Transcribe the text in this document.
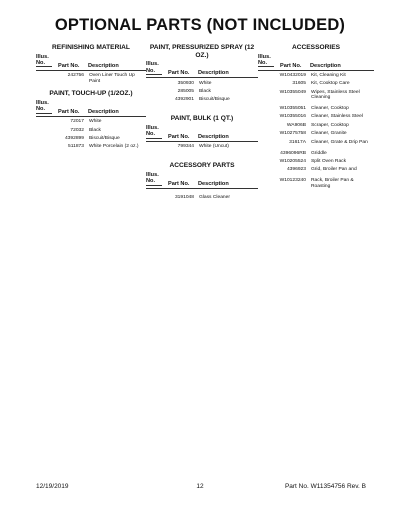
OPTIONAL PARTS (NOT INCLUDED)
REFINISHING MATERIAL
Illus.
No.	Part No. Description
242756 Oven Liner Touch Up Paint
PAINT, TOUCH-UP (1/2OZ.)
Illus.
No.	Part No. Description
72017 White
72032 Black
4392899 Biscuit/Bisque
511873 White Porcelain (2 oz.)
PAINT, PRESSURIZED SPRAY (12 OZ.)
Illus.
No.	Part No. Description
350930 White
285005 Black
4392901 Biscuit/Bisque
PAINT, BULK (1 QT.)
Illus.
No.	Part No. Description
799344 White (Uncut)
ACCESSORY PARTS
Illus.
No.	Part No. Description
3191048 Glass Cleaner
ACCESSORIES
Illus.
No.	Part No. Description
W10432019 Kit, Cleaning Kit
31605 Kit, Cooktop Care
W10355049 Wipes, Stainless Steel Cleaning
W10355051 Cleaner, Cooktop
W10355016 Cleaner, Stainless Steel
WA906B Scraper, Cooktop
W10275758 Cleaner, Granite
31617A Cleaner, Grate & Drip Pan
4396096RB Griddle
W10205524 Split Oven Rack
4396923 Grid, Broiler Pan and
W10123240 Rack, Broiler Pan & Roasting
12/19/2019	12	Part No. W11354756 Rev. B
